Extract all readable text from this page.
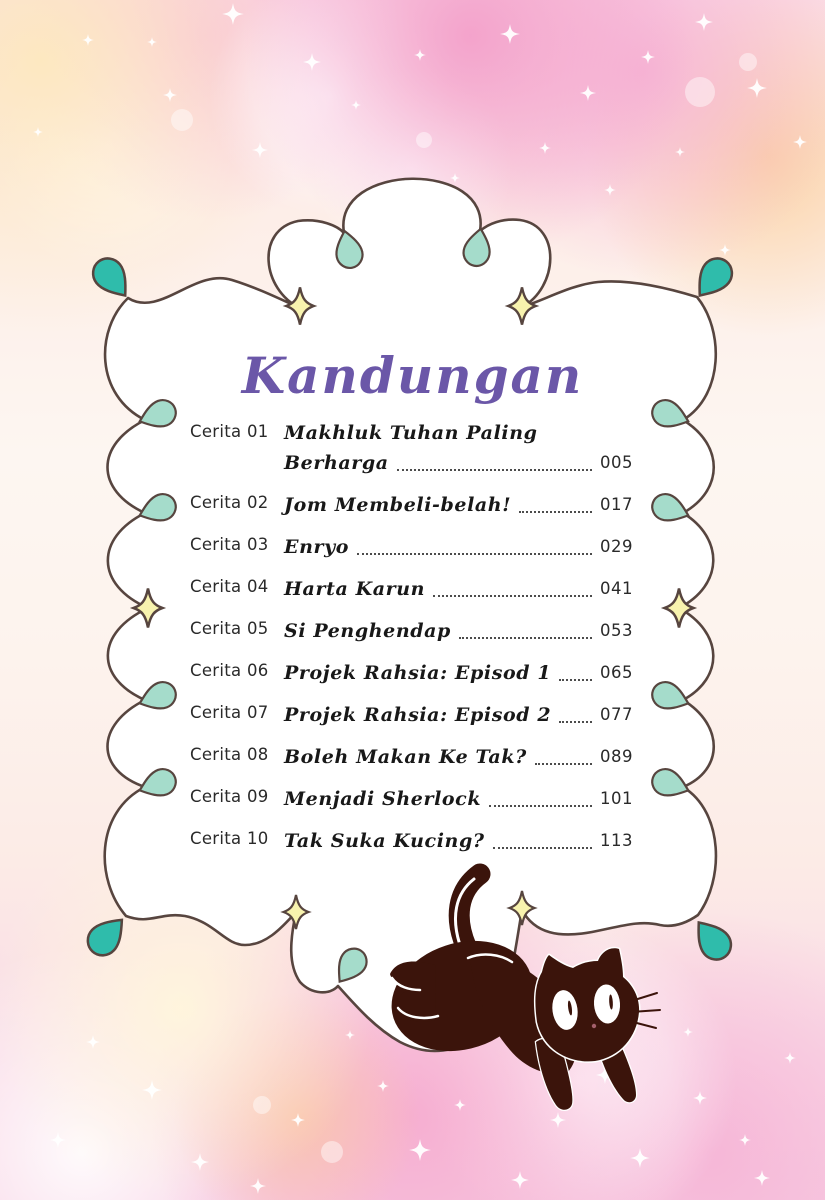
Kandungan
Cerita 01 Makhluk Tuhan Paling
Berharga	005
Cerita 02 Jom Membeli-belah!	017
Cerita 03 Enryo	029
Cerita 04 Harta Karun	041
Cerita 05 Si Penghendap	053
Cerita 06 Projek Rahsia: Episod 1	065
Cerita 07 Projek Rahsia: Episod 2	077
Cerita 08 Boleh Makan Ke Tak?	089
Cerita 09 Menjadi Sherlock	101
Cerita 10 Tak Suka Kucing?	113
